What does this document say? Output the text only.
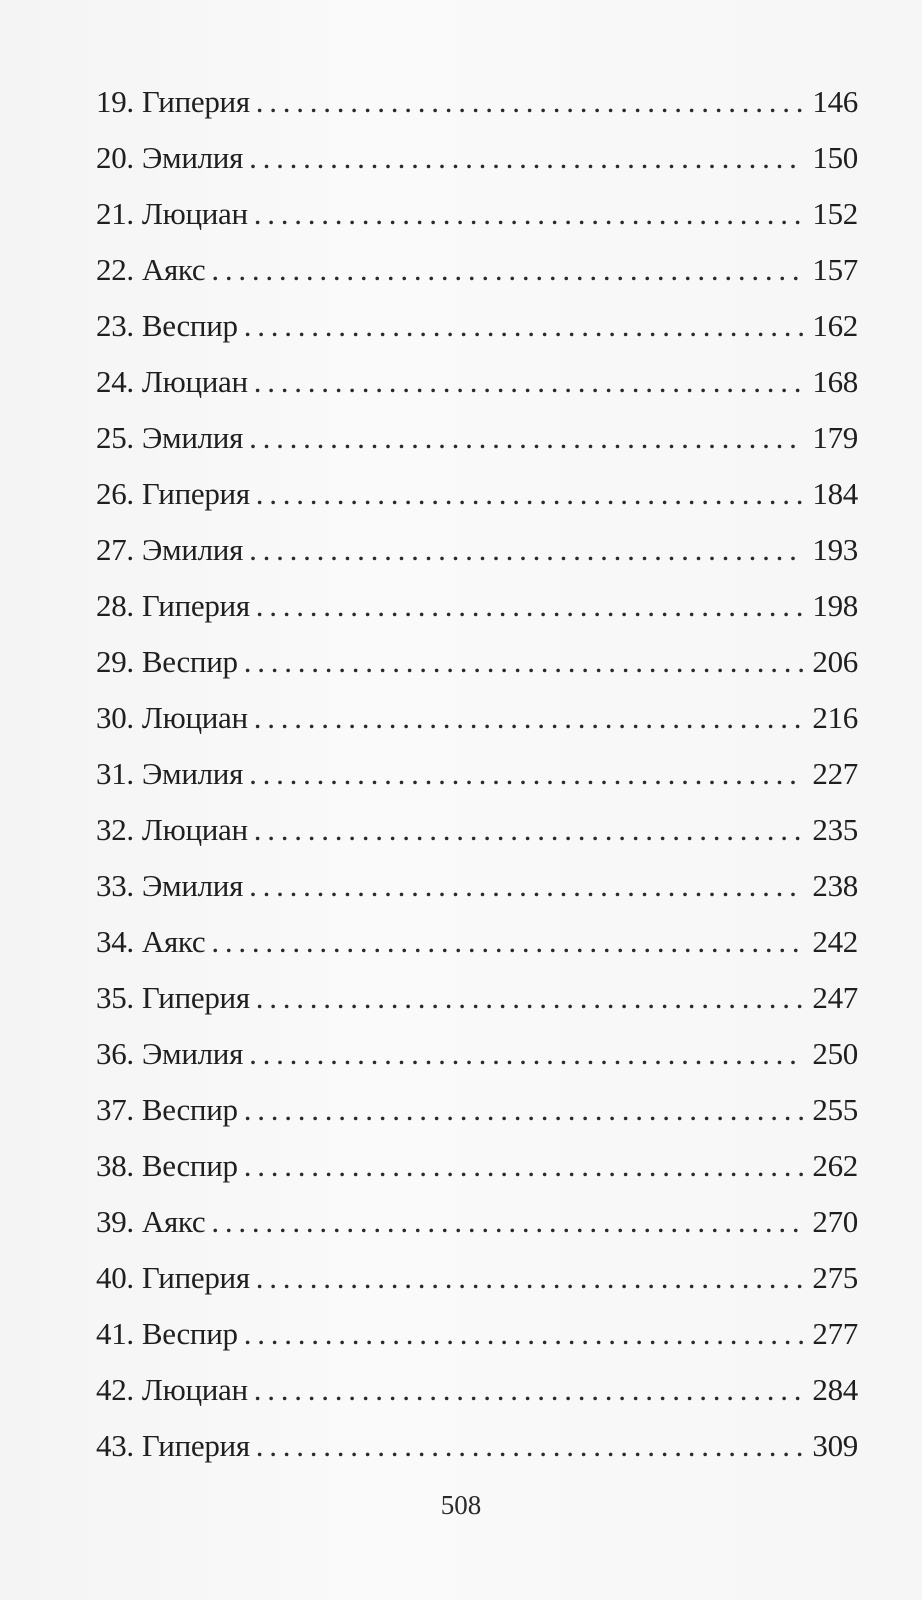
19. Гиперия . . .	146
20. Эмилия . . .	150
21. Люциан . . .	152
22. Аякс . . .	157
23. Веспир . . .	162
24. Люциан . . .	168
25. Эмилия . . .	179
26. Гиперия . . .	184
27. Эмилия . . .	193
28. Гиперия . . .	198
29. Веспир . . .	206
30. Люциан . . .	216
31. Эмилия . . .	227
32. Люциан . . .	235
33. Эмилия . . .	238
34. Аякс . . .	242
35. Гиперия . . .	247
36. Эмилия . . .	250
37. Веспир . . .	255
38. Веспир . . .	262
39. Аякс . . .	270
40. Гиперия . . .	275
41. Веспир . . .	277
42. Люциан . . .	284
43. Гиперия . . .	309
508
